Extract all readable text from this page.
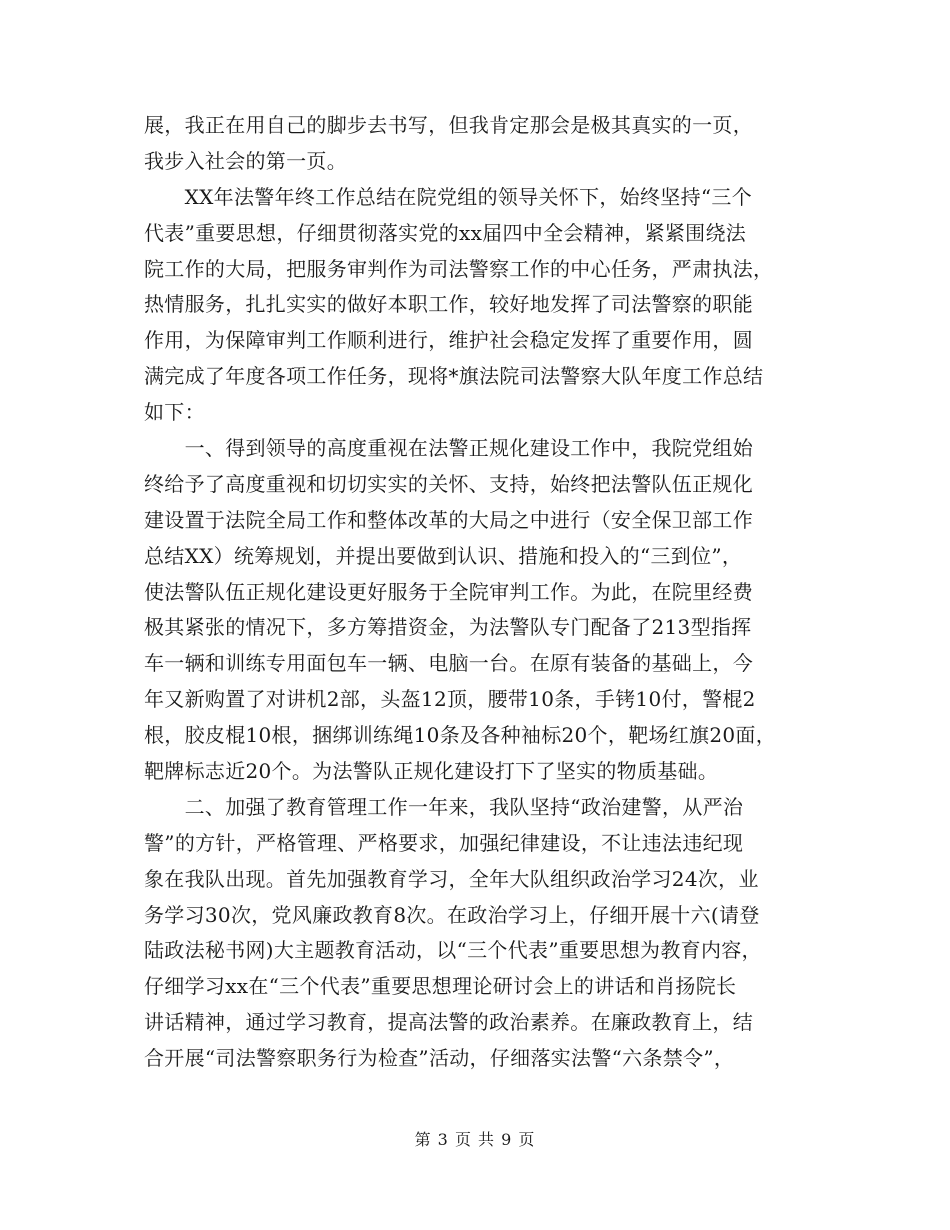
展，我正在用自己的脚步去书写，但我肯定那会是极其真实的一页，
我步入社会的第一页。
　　XX年法警年终工作总结在院党组的领导关怀下，始终坚持“三个
代表”重要思想，仔细贯彻落实党的xx届四中全会精神，紧紧围绕法
院工作的大局，把服务审判作为司法警察工作的中心任务，严肃执法，
热情服务，扎扎实实的做好本职工作，较好地发挥了司法警察的职能
作用，为保障审判工作顺利进行，维护社会稳定发挥了重要作用，圆
满完成了年度各项工作任务，现将*旗法院司法警察大队年度工作总结
如下：
　　一、得到领导的高度重视在法警正规化建设工作中，我院党组始
终给予了高度重视和切切实实的关怀、支持，始终把法警队伍正规化
建设置于法院全局工作和整体改革的大局之中进行（安全保卫部工作
总结XX）统筹规划，并提出要做到认识、措施和投入的“三到位”，
使法警队伍正规化建设更好服务于全院审判工作。为此，在院里经费
极其紧张的情况下，多方筹措资金，为法警队专门配备了213型指挥
车一辆和训练专用面包车一辆、电脑一台。在原有装备的基础上，今
年又新购置了对讲机2部，头盔12顶，腰带10条，手铐10付，警棍2
根，胶皮棍10根，捆绑训练绳10条及各种袖标20个，靶场红旗20面，
靶牌标志近20个。为法警队正规化建设打下了坚实的物质基础。
　　二、加强了教育管理工作一年来，我队坚持“政治建警，从严治
警”的方针，严格管理、严格要求，加强纪律建设，不让违法违纪现
象在我队出现。首先加强教育学习，全年大队组织政治学习24次，业
务学习30次，党风廉政教育8次。在政治学习上，仔细开展十六(请登
陆政法秘书网)大主题教育活动，以“三个代表”重要思想为教育内容，
仔细学习xx在“三个代表”重要思想理论研讨会上的讲话和肖扬院长
讲话精神，通过学习教育，提高法警的政治素养。在廉政教育上，结
合开展“司法警察职务行为检查”活动，仔细落实法警“六条禁令”，
第 3 页 共 9 页
